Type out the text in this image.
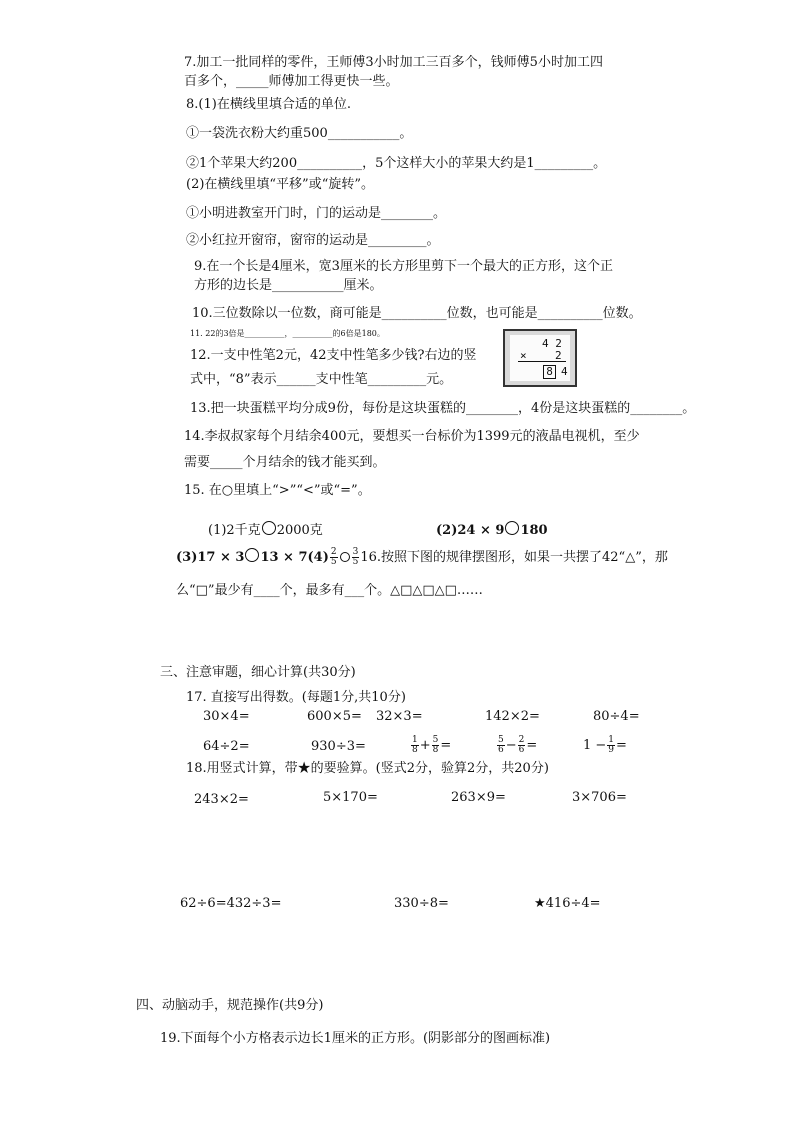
7.加工一批同样的零件，王师傅3小时加工三百多个，钱师傅5小时加工四
百多个，_____师傅加工得更快一些。
8.(1)在横线里填合适的单位.
①一袋洗衣粉大约重500___________。
②1个苹果大约200__________，5个这样大小的苹果大约是1_________。
(2)在横线里填“平移”或“旋转”。
①小明进教室开门时，门的运动是________。
②小红拉开窗帘，窗帘的运动是_________。
9.在一个长是4厘米，宽3厘米的长方形里剪下一个最大的正方形，这个正
方形的边长是___________厘米。
10.三位数除以一位数，商可能是__________位数，也可能是__________位数。
11. 22的3倍是__________，__________的6倍是180。
12.一支中性笔2元，42支中性笔多少钱?右边的竖
式中，“8”表示______支中性笔_________元。
4 2
×	2
8 4
13.把一块蛋糕平均分成9份，每份是这块蛋糕的________，4份是这块蛋糕的________。
14.李叔叔家每个月结余400元，要想买一台标价为1399元的液晶电视机，至少
需要_____个月结余的钱才能买到。
15. 在○里填上“>”“<”或“=”。
(1)2千克 2000克	(2)24 × 9 180
(3)17 × 3 $13 \times 7(4) \frac{2}{5} \frac{3}{5} 16$.按照下图的规律摆图形，如果一共摆了42“△”，那
么“□”最少有____个，最多有___个。△□△□△□……
三、注意审题，细心计算(共30分)
17. 直接写出得数。(每题1分,共10分)
30×4=	600×5= 32×3=	142×2=	80÷4=
64÷2=	930÷3=	$\frac{1}{8} + \frac{5}{8}$ =	$\frac{5}{6} - \frac{2}{6}$ =	$1 - \frac{1}{9}$ =
18.用竖式计算，带★的要验算。(竖式2分，验算2分，共20分)
243×2=	5×170=	263×9=	3×706=
62÷6=432÷3=	330÷8=	★416÷4=
四、动脑动手，规范操作(共9分)
19.下面每个小方格表示边长1厘米的正方形。(阴影部分的图画标准)
